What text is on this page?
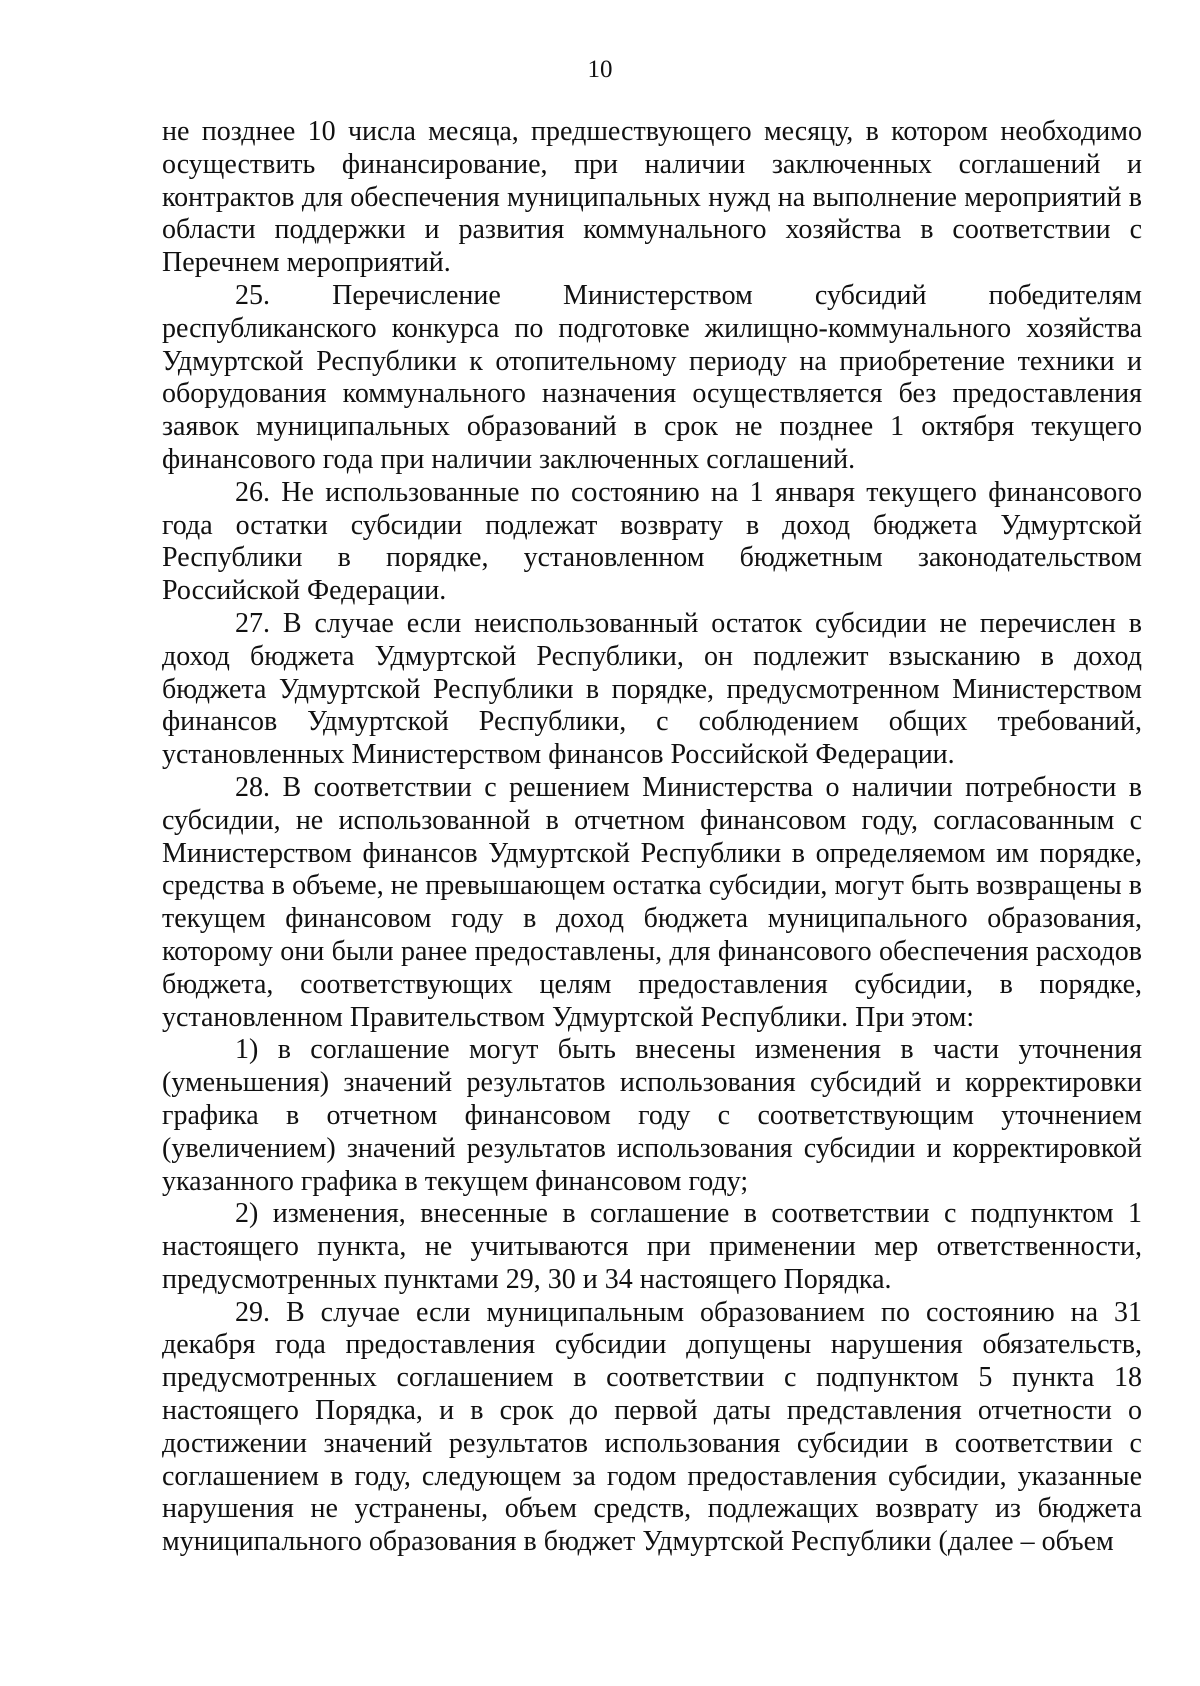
10

не позднее 10 числа месяца, предшествующего месяцу, в котором необходимо осуществить финансирование, при наличии заключенных соглашений и контрактов для обеспечения муниципальных нужд на выполнение мероприятий в области поддержки и развития коммунального хозяйства в соответствии с Перечнем мероприятий.

25. Перечисление Министерством субсидий победителям республиканского конкурса по подготовке жилищно-коммунального хозяйства Удмуртской Республики к отопительному периоду на приобретение техники и оборудования коммунального назначения осуществляется без предоставления заявок муниципальных образований в срок не позднее 1 октября текущего финансового года при наличии заключенных соглашений.

26. Не использованные по состоянию на 1 января текущего финансового года остатки субсидии подлежат возврату в доход бюджета Удмуртской Республики в порядке, установленном бюджетным законодательством Российской Федерации.

27. В случае если неиспользованный остаток субсидии не перечислен в доход бюджета Удмуртской Республики, он подлежит взысканию в доход бюджета Удмуртской Республики в порядке, предусмотренном Министерством финансов Удмуртской Республики, с соблюдением общих требований, установленных Министерством финансов Российской Федерации.

28. В соответствии с решением Министерства о наличии потребности в субсидии, не использованной в отчетном финансовом году, согласованным с Министерством финансов Удмуртской Республики в определяемом им порядке, средства в объеме, не превышающем остатка субсидии, могут быть возвращены в текущем финансовом году в доход бюджета муниципального образования, которому они были ранее предоставлены, для финансового обеспечения расходов бюджета, соответствующих целям предоставления субсидии, в порядке, установленном Правительством Удмуртской Республики. При этом:

1) в соглашение могут быть внесены изменения в части уточнения (уменьшения) значений результатов использования субсидий и корректировки графика в отчетном финансовом году с соответствующим уточнением (увеличением) значений результатов использования субсидии и корректировкой указанного графика в текущем финансовом году;

2) изменения, внесенные в соглашение в соответствии с подпунктом 1 настоящего пункта, не учитываются при применении мер ответственности, предусмотренных пунктами 29, 30 и 34 настоящего Порядка.

29. В случае если муниципальным образованием по состоянию на 31 декабря года предоставления субсидии допущены нарушения обязательств, предусмотренных соглашением в соответствии с подпунктом 5 пункта 18 настоящего Порядка, и в срок до первой даты представления отчетности о достижении значений результатов использования субсидии в соответствии с соглашением в году, следующем за годом предоставления субсидии, указанные нарушения не устранены, объем средств, подлежащих возврату из бюджета муниципального образования в бюджет Удмуртской Республики (далее – объем
